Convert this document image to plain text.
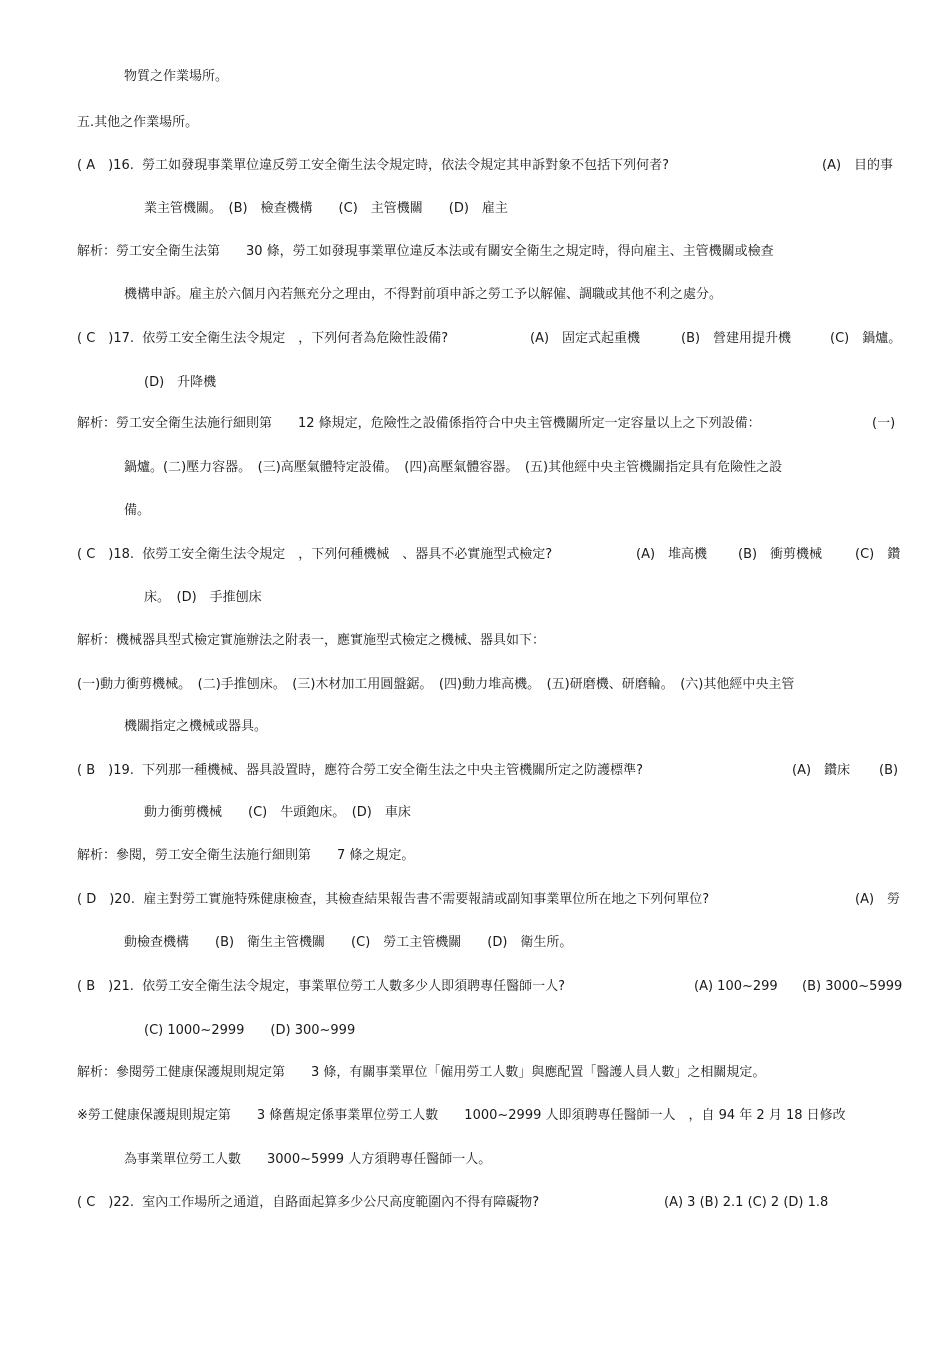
物質之作業場所。
五.其他之作業場所。
( A　)16.  勞工如發現事業單位違反勞工安全衛生法令規定時，依法令規定其申訴對象不包括下列何者?	(A)　目的事
業主管機關。　(B)　檢查機構　　(C)　主管機關　　(D)　雇主
解析：勞工安全衛生法第　　30 條，勞工如發現事業單位違反本法或有關安全衛生之規定時，得向雇主、主管機關或檢查
機構申訴。雇主於六個月內若無充分之理由，不得對前項申訴之勞工予以解僱、調職或其他不利之處分。
( C　)17.  依勞工安全衛生法令規定　，下列何者為危險性設備?	(A)　固定式起重機	(B)　營建用提升機	(C)　鍋爐。
(D)　升降機
解析：勞工安全衛生法施行細則第　　12 條規定，危險性之設備係指符合中央主管機關所定一定容量以上之下列設備：	(一)
鍋爐。(二)壓力容器。　(三)高壓氣體特定設備。　(四)高壓氣體容器。　(五)其他經中央主管機關指定具有危險性之設
備。
( C　)18.  依勞工安全衛生法令規定　，下列何種機械　、器具不必實施型式檢定?	(A)　堆高機 (B)　衝剪機械	(C)　鑽
床。　(D)　手推刨床
解析：機械器具型式檢定實施辦法之附表一，應實施型式檢定之機械、器具如下：
(一)動力衝剪機械。　(二)手推刨床。　(三)木材加工用圓盤鋸。　(四)動力堆高機。　(五)研磨機、研磨輪。　(六)其他經中央主管
機關指定之機械或器具。
( B　)19.  下列那一種機械、器具設置時，應符合勞工安全衛生法之中央主管機關所定之防護標準?	(A)　鑽床 (B)
動力衝剪機械　　(C)　牛頭鉋床。　(D)　車床
解析：參閱，勞工安全衛生法施行細則第　　7 條之規定。
( D　)20.  雇主對勞工實施特殊健康檢查，其檢查結果報告書不需要報請或副知事業單位所在地之下列何單位?	(A)　勞
動檢查機構　　(B)　衛生主管機關　　(C)　勞工主管機關　　(D)　衛生所。
( B　)21.  依勞工安全衛生法令規定，事業單位勞工人數多少人即須聘專任醫師一人?	(A) 100~299 (B) 3000~5999
(C) 1000~2999　　(D) 300~999
解析：參閱勞工健康保護規則規定第　　3 條，有關事業單位「僱用勞工人數」與應配置「醫護人員人數」之相關規定。
※勞工健康保護規則規定第　　3 條舊規定係事業單位勞工人數　　1000~2999 人即須聘專任醫師一人　，自 94 年 2 月 18 日修改
為事業單位勞工人數　　3000~5999 人方須聘專任醫師一人。
( C　)22.  室內工作場所之通道，自路面起算多少公尺高度範圍內不得有障礙物?	(A) 3 (B) 2.1 (C) 2 (D) 1.8
